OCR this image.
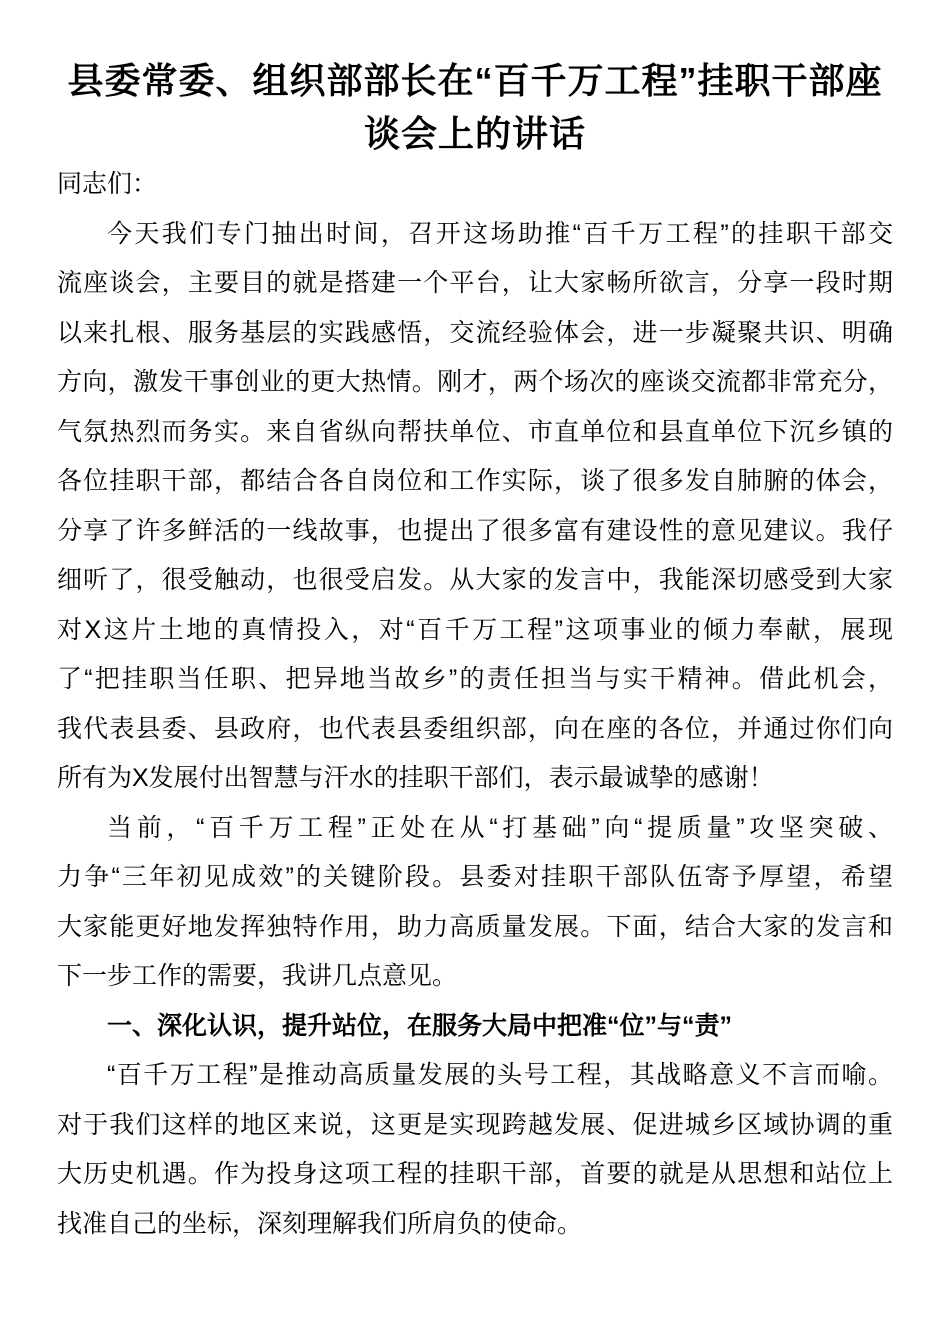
县委常委、组织部部长在“百千万工程”挂职干部座
谈会上的讲话
同志们：
今天我们专门抽出时间，召开这场助推“百千万工程”的挂职干部交
流座谈会，主要目的就是搭建一个平台，让大家畅所欲言，分享一段时期
以来扎根、服务基层的实践感悟，交流经验体会，进一步凝聚共识、明确
方向，激发干事创业的更大热情。刚才，两个场次的座谈交流都非常充分，
气氛热烈而务实。来自省纵向帮扶单位、市直单位和县直单位下沉乡镇的
各位挂职干部，都结合各自岗位和工作实际，谈了很多发自肺腑的体会，
分享了许多鲜活的一线故事，也提出了很多富有建设性的意见建议。我仔
细听了，很受触动，也很受启发。从大家的发言中，我能深切感受到大家
对X这片土地的真情投入，对“百千万工程”这项事业的倾力奉献，展现
了“把挂职当任职、把异地当故乡”的责任担当与实干精神。借此机会，
我代表县委、县政府，也代表县委组织部，向在座的各位，并通过你们向
所有为X发展付出智慧与汗水的挂职干部们，表示最诚挚的感谢！
当前，“百千万工程”正处在从“打基础”向“提质量”攻坚突破、
力争“三年初见成效”的关键阶段。县委对挂职干部队伍寄予厚望，希望
大家能更好地发挥独特作用，助力高质量发展。下面，结合大家的发言和
下一步工作的需要，我讲几点意见。
一、深化认识，提升站位，在服务大局中把准“位”与“责”
“百千万工程”是推动高质量发展的头号工程，其战略意义不言而喻。
对于我们这样的地区来说，这更是实现跨越发展、促进城乡区域协调的重
大历史机遇。作为投身这项工程的挂职干部，首要的就是从思想和站位上
找准自己的坐标，深刻理解我们所肩负的使命。
